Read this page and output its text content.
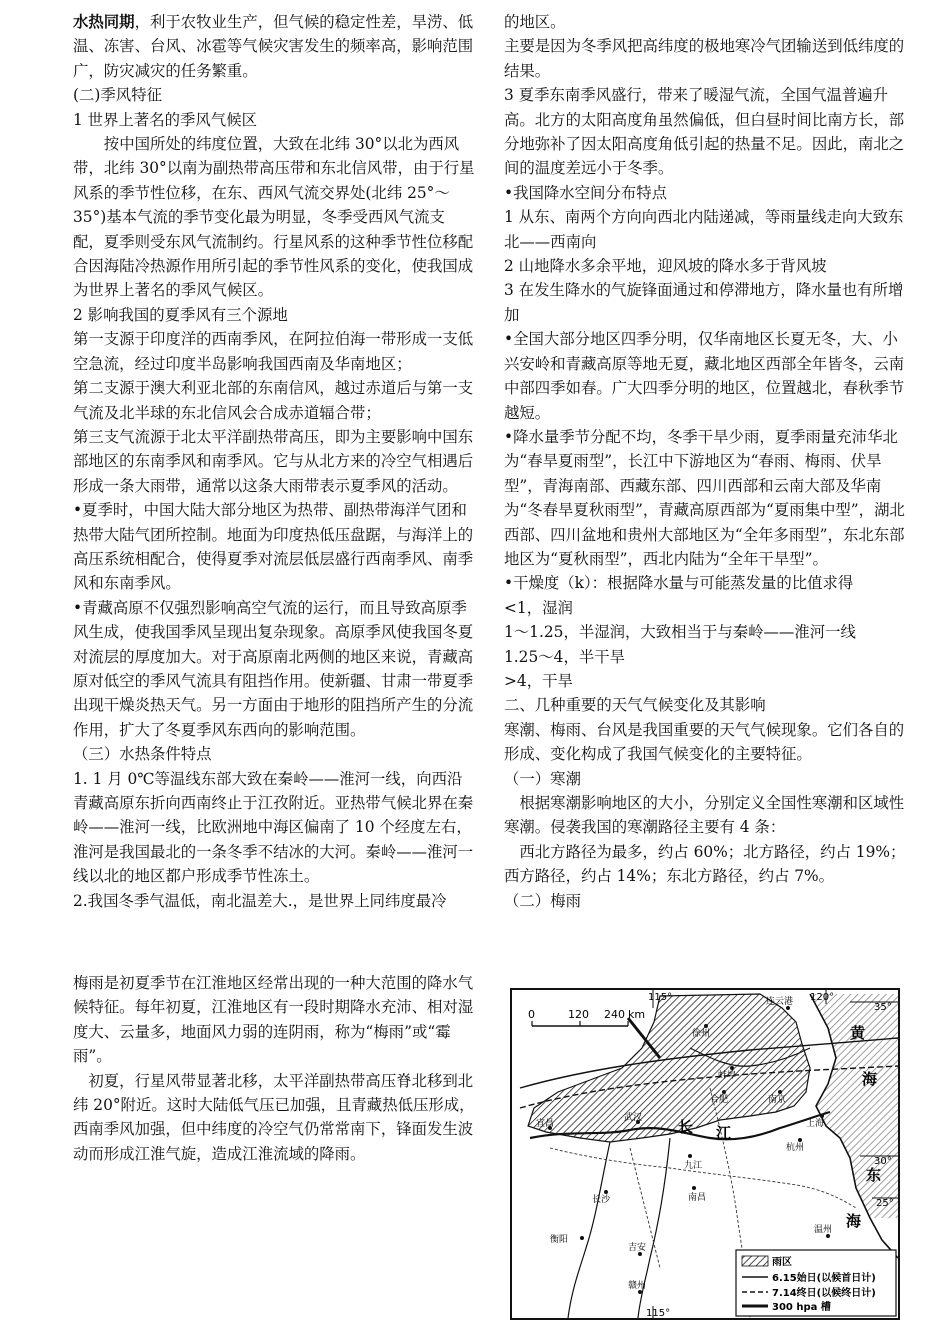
水热同期，利于农牧业生产，但气候的稳定性差，旱涝、低温、冻害、台风、冰雹等气候灾害发生的频率高，影响范围广，防灾减灾的任务繁重。

(二)季风特征

1 世界上著名的季风气候区

按中国所处的纬度位置，大致在北纬 30°以北为西风带，北纬 30°以南为副热带高压带和东北信风带，由于行星风系的季节性位移，在东、西风气流交界处(北纬 25°～35°)基本气流的季节变化最为明显，冬季受西风气流支配，夏季则受东风气流制约。行星风系的这种季节性位移配合因海陆冷热源作用所引起的季节性风系的变化，使我国成为世界上著名的季风气候区。

2 影响我国的夏季风有三个源地

第一支源于印度洋的西南季风，在阿拉伯海一带形成一支低空急流，经过印度半岛影响我国西南及华南地区；

第二支源于澳大利亚北部的东南信风，越过赤道后与第一支气流及北半球的东北信风会合成赤道辐合带；

第三支气流源于北太平洋副热带高压，即为主要影响中国东部地区的东南季风和南季风。它与从北方来的冷空气相遇后形成一条大雨带，通常以这条大雨带表示夏季风的活动。

•夏季时，中国大陆大部分地区为热带、副热带海洋气团和热带大陆气团所控制。地面为印度热低压盘踞，与海洋上的高压系统相配合，使得夏季对流层低层盛行西南季风、南季风和东南季风。

•青藏高原不仅强烈影响高空气流的运行，而且导致高原季风生成，使我国季风呈现出复杂现象。高原季风使我国冬夏对流层的厚度加大。对于高原南北两侧的地区来说，青藏高原对低空的季风气流具有阻挡作用。使新疆、甘肃一带夏季出现干燥炎热天气。另一方面由于地形的阻挡所产生的分流作用，扩大了冬夏季风东西向的影响范围。

（三）水热条件特点

1. 1 月 0℃等温线东部大致在秦岭——淮河一线，向西沿青藏高原东折向西南终止于江孜附近。亚热带气候北界在秦岭——淮河一线，比欧洲地中海区偏南了 10 个经度左右，淮河是我国最北的一条冬季不结冰的大河。秦岭——淮河一线以北的地区都户形成季节性冻土。

2.我国冬季气温低，南北温差大.，是世界上同纬度最冷

梅雨是初夏季节在江淮地区经常出现的一种大范围的降水气候特征。每年初夏，江淮地区有一段时期降水充沛、相对湿度大、云量多，地面风力弱的连阴雨，称为“梅雨”或“霉雨”。

初夏，行星风带显著北移，太平洋副热带高压脊北移到北纬 20°附近。这时大陆低气压已加强，且青藏热低压形成，西南季风加强，但中纬度的冷空气仍常常南下，锋面发生波动而形成江淮气旋，造成江淮流域的降雨。

的地区。

主要是因为冬季风把高纬度的极地寒冷气团输送到低纬度的结果。

3 夏季东南季风盛行，带来了暖湿气流，全国气温普遍升高。北方的太阳高度角虽然偏低，但白昼时间比南方长，部分地弥补了因太阳高度角低引起的热量不足。因此，南北之间的温度差远小于冬季。

•我国降水空间分布特点

1 从东、南两个方向向西北内陆递减，等雨量线走向大致东北——西南向

2 山地降水多余平地，迎风坡的降水多于背风坡

3 在发生降水的气旋锋面通过和停滞地方，降水量也有所增加

•全国大部分地区四季分明，仅华南地区长夏无冬，大、小兴安岭和青藏高原等地无夏，藏北地区西部全年皆冬，云南中部四季如春。广大四季分明的地区，位置越北，春秋季节越短。

•降水量季节分配不均，冬季干旱少雨，夏季雨量充沛华北为“春旱夏雨型”，长江中下游地区为“春雨、梅雨、伏旱型”，青海南部、西藏东部、四川西部和云南大部及华南为“冬春旱夏秋雨型”，青藏高原西部为“夏雨集中型”，湖北西部、四川盆地和贵州大部地区为“全年多雨型”，东北东部地区为“夏秋雨型”，西北内陆为“全年干旱型”。

•干燥度（k）：根据降水量与可能蒸发量的比值求得

<1，湿润

1～1.25，半湿润，大致相当于与秦岭——淮河一线

1.25～4，半干旱

>4，干旱

二、几种重要的天气气候变化及其影响

寒潮、梅雨、台风是我国重要的天气气候现象。它们各自的形成、变化构成了我国气候变化的主要特征。

（一）寒潮

根据寒潮影响地区的大小，分别定义全国性寒潮和区域性寒潮。侵袭我国的寒潮路径主要有 4 条：

西北方路径为最多，约占 60%；北方路径，约占 19%；西方路径，约占 14%；东北方路径，约占 7%。

（二）梅雨

0	120 240 km
115°	120°
115°
35°
30°
25°
连云港
徐州
蚌埠
合肥	南京
上海
杭州
宜昌
武汉
九江
南昌
长沙
衡阳
吉安
赣州
温州
黄
海
东
海
长 江
雨区
6.15始日(以候首日计)
7.14终日(以候终日计)
300 hpa 槽
